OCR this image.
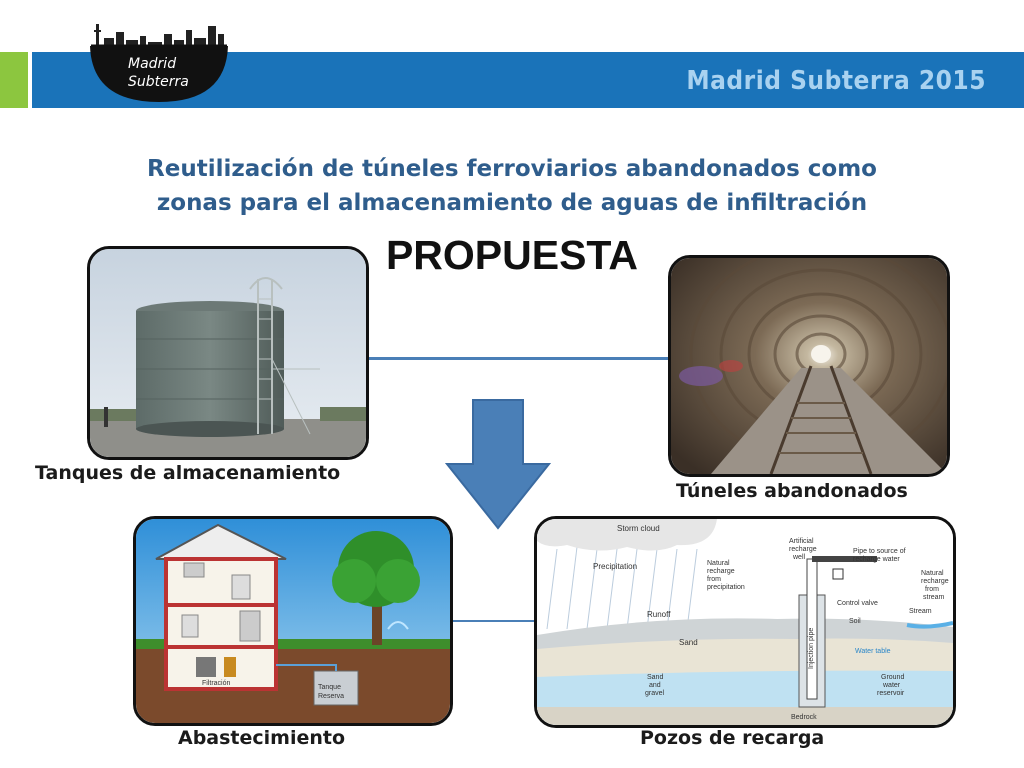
Madrid Subterra 2015
Madrid
Subterra
Reutilización de túneles ferroviarios abandonados como
zonas para el almacenamiento de aguas de infiltración
PROPUESTA
Filtración
Tanque
Reserva
Storm cloud
Precipitation	Natural
recharge
from
precipitation
Artificial
recharge
well
Pipe to source of
recharge water
Control valve
Natural
recharge
from
stream
Stream
Runoff
Soil
Sand	Injection pipe	Water table
Sand
and
gravel
Ground
water
reservoir
Bedrock
Tanques de almacenamiento
Túneles abandonados
Abastecimiento	Pozos de recarga
